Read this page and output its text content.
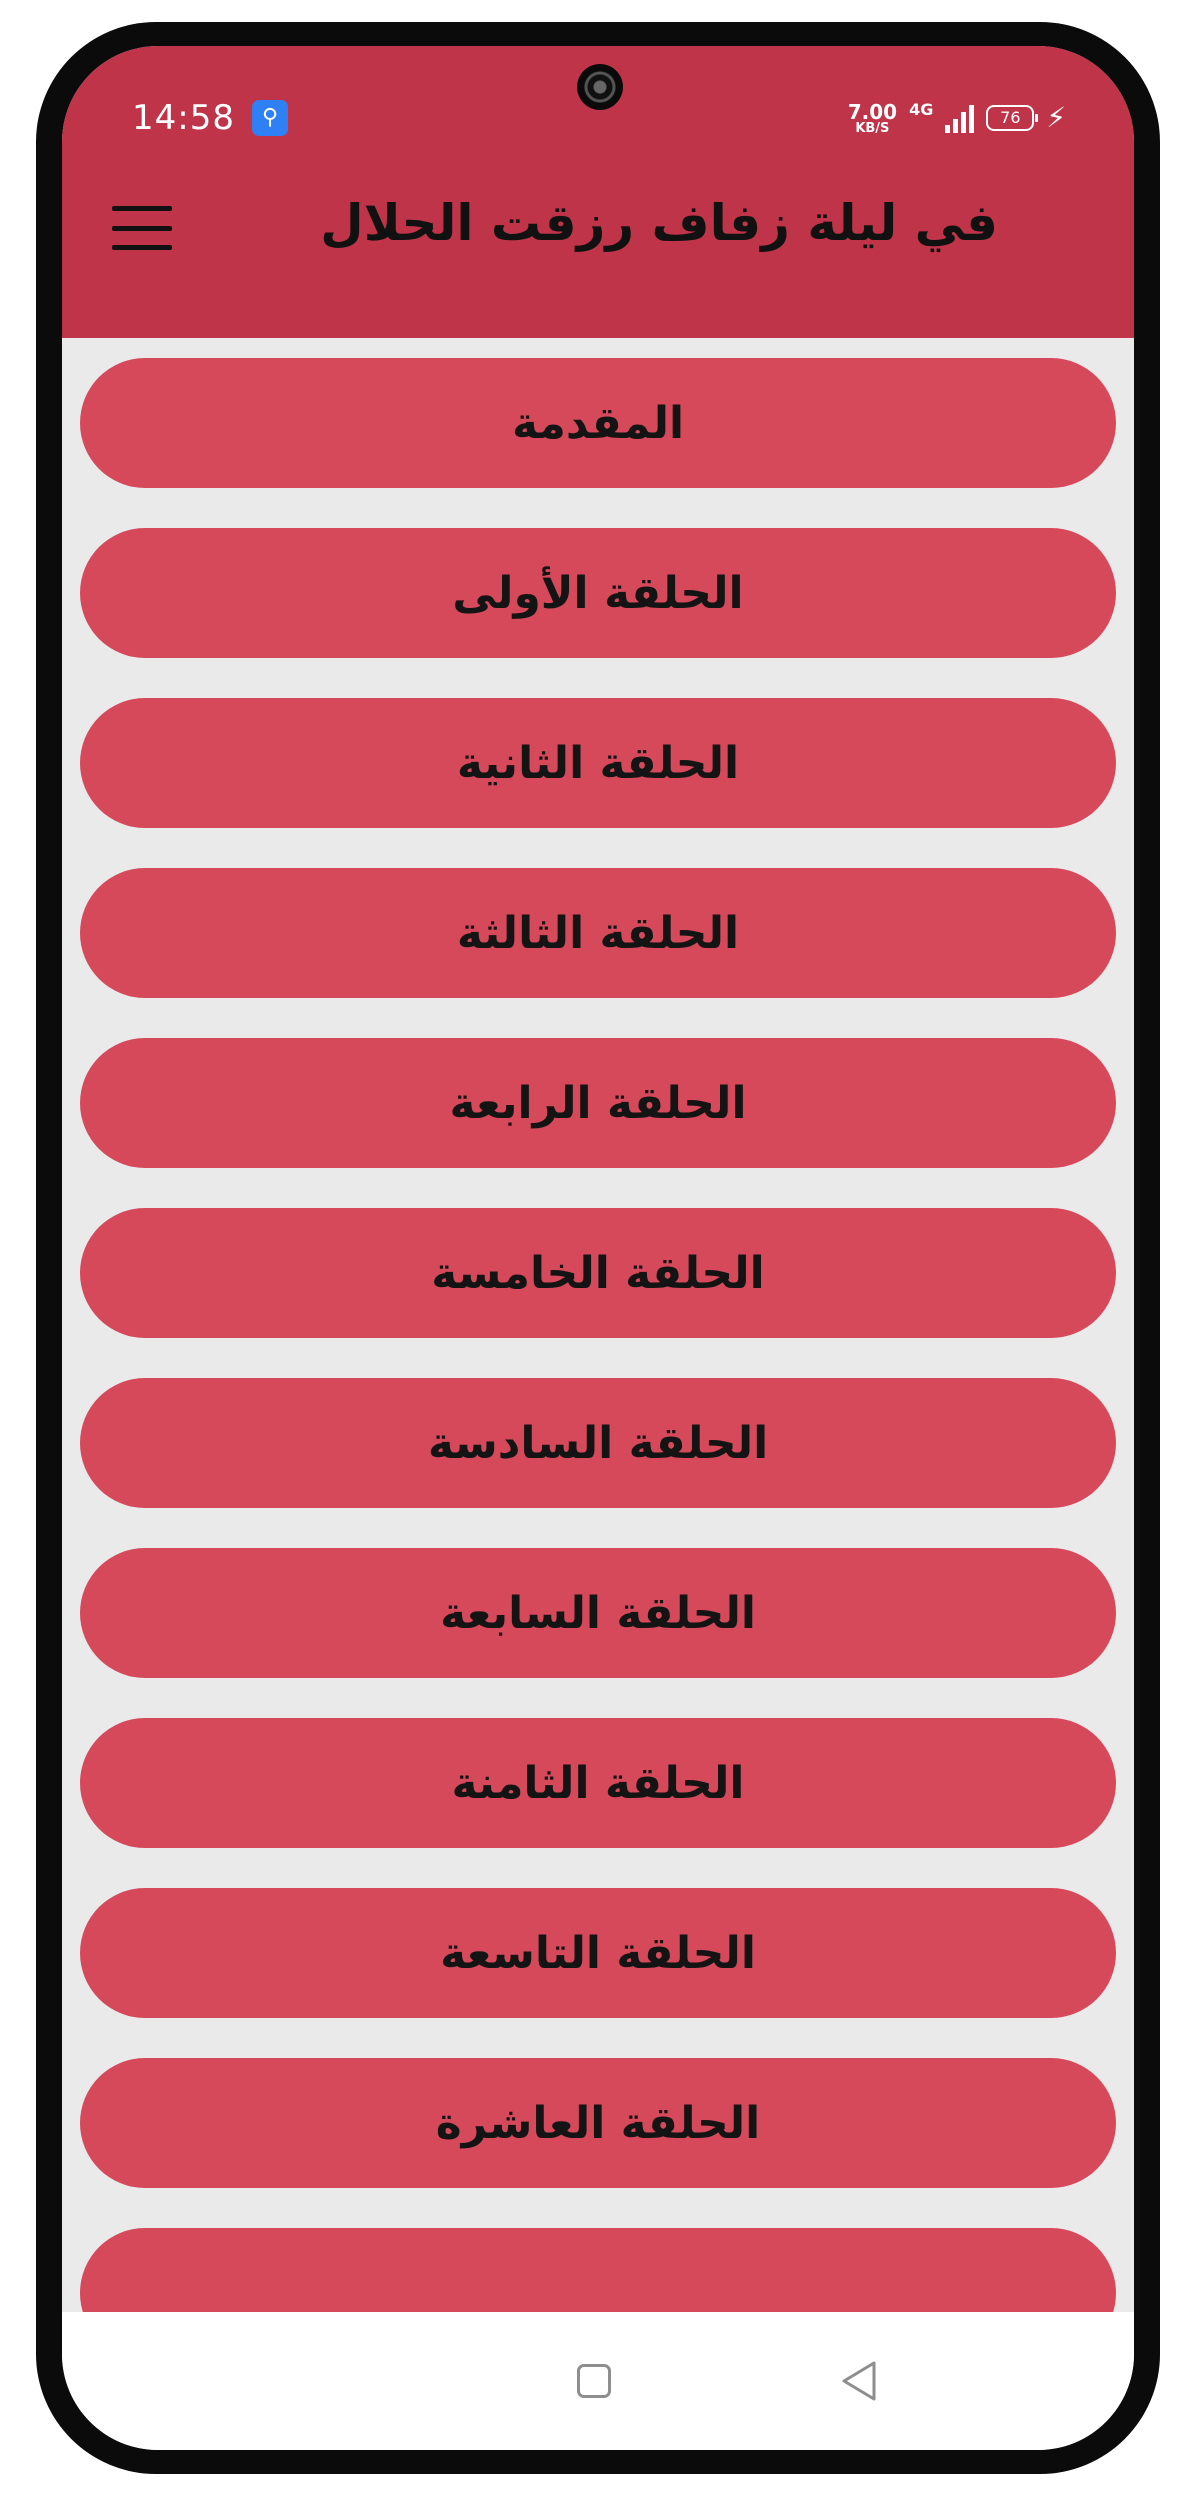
14:58	⚲	7.00
KB/S
4G	76 ⚡
في ليلة زفاف رزقت الحلال
المقدمة
الحلقة الأولى
الحلقة الثانية
الحلقة الثالثة
الحلقة الرابعة
الحلقة الخامسة
الحلقة السادسة
الحلقة السابعة
الحلقة الثامنة
الحلقة التاسعة
الحلقة العاشرة
